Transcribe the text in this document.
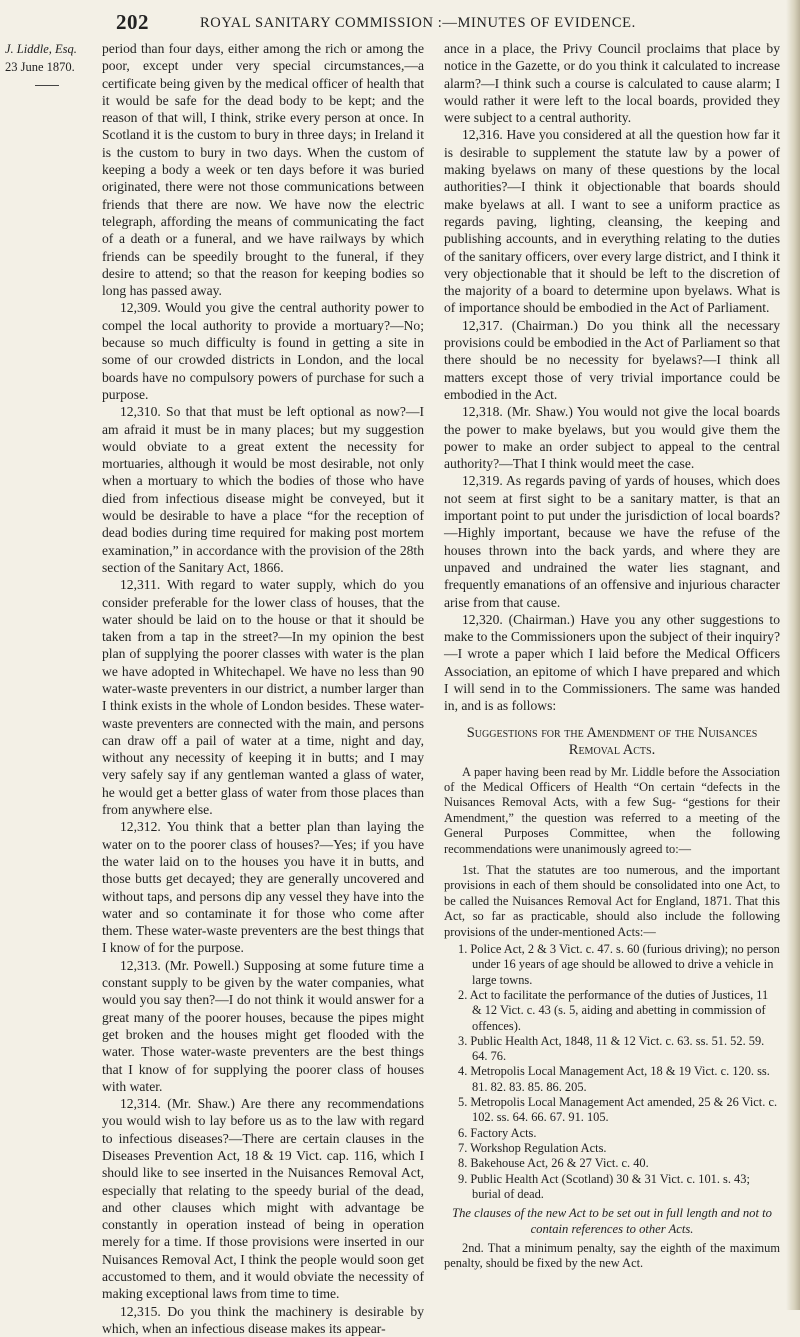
202	ROYAL SANITARY COMMISSION :—MINUTES OF EVIDENCE.
J. Liddle, Esq.
23 June 1870.

period than four days, either among the rich or among the poor, except under very special circumstances,—a certificate being given by the medical officer of health that it would be safe for the dead body to be kept; and the reason of that will, I think, strike every person at once. In Scotland it is the custom to bury in three days; in Ireland it is the custom to bury in two days. When the custom of keeping a body a week or ten days before it was buried originated, there were not those communications between friends that there are now. We have now the electric telegraph, affording the means of communicating the fact of a death or a funeral, and we have railways by which friends can be speedily brought to the funeral, if they desire to attend; so that the reason for keeping bodies so long has passed away.

12,309. Would you give the central authority power to compel the local authority to provide a mortuary?—No; because so much difficulty is found in getting a site in some of our crowded districts in London, and the local boards have no compulsory powers of purchase for such a purpose.

12,310. So that that must be left optional as now?—I am afraid it must be in many places; but my suggestion would obviate to a great extent the necessity for mortuaries, although it would be most desirable, not only when a mortuary to which the bodies of those who have died from infectious disease might be conveyed, but it would be desirable to have a place “for the reception of dead bodies during time required for making post mortem examination,” in accordance with the provision of the 28th section of the Sanitary Act, 1866.

12,311. With regard to water supply, which do you consider preferable for the lower class of houses, that the water should be laid on to the house or that it should be taken from a tap in the street?—In my opinion the best plan of supplying the poorer classes with water is the plan we have adopted in Whitechapel. We have no less than 90 water-waste preventers in our district, a number larger than I think exists in the whole of London besides. These water-waste preventers are connected with the main, and persons can draw off a pail of water at a time, night and day, without any necessity of keeping it in butts; and I may very safely say if any gentleman wanted a glass of water, he would get a better glass of water from those places than from anywhere else.

12,312. You think that a better plan than laying the water on to the poorer class of houses?—Yes; if you have the water laid on to the houses you have it in butts, and those butts get decayed; they are generally uncovered and without taps, and persons dip any vessel they have into the water and so contaminate it for those who come after them. These water-waste preventers are the best things that I know of for the purpose.

12,313. (Mr. Powell.) Supposing at some future time a constant supply to be given by the water companies, what would you say then?—I do not think it would answer for a great many of the poorer houses, because the pipes might get broken and the houses might get flooded with the water. Those water-waste preventers are the best things that I know of for supplying the poorer class of houses with water.

12,314. (Mr. Shaw.) Are there any recommendations you would wish to lay before us as to the law with regard to infectious diseases?—There are certain clauses in the Diseases Prevention Act, 18 & 19 Vict. cap. 116, which I should like to see inserted in the Nuisances Removal Act, especially that relating to the speedy burial of the dead, and other clauses which might with advantage be constantly in operation instead of being in operation merely for a time. If those provisions were inserted in our Nuisances Removal Act, I think the people would soon get accustomed to them, and it would obviate the necessity of making exceptional laws from time to time.

12,315. Do you think the machinery is desirable by which, when an infectious disease makes its appear-

ance in a place, the Privy Council proclaims that place by notice in the Gazette, or do you think it calculated to increase alarm?—I think such a course is calculated to cause alarm; I would rather it were left to the local boards, provided they were subject to a central authority.

12,316. Have you considered at all the question how far it is desirable to supplement the statute law by a power of making byelaws on many of these questions by the local authorities?—I think it objectionable that boards should make byelaws at all. I want to see a uniform practice as regards paving, lighting, cleansing, the keeping and publishing accounts, and in everything relating to the duties of the sanitary officers, over every large district, and I think it very objectionable that it should be left to the discretion of the majority of a board to determine upon byelaws. What is of importance should be embodied in the Act of Parliament.

12,317. (Chairman.) Do you think all the necessary provisions could be embodied in the Act of Parliament so that there should be no necessity for byelaws?—I think all matters except those of very trivial importance could be embodied in the Act.

12,318. (Mr. Shaw.) You would not give the local boards the power to make byelaws, but you would give them the power to make an order subject to appeal to the central authority?—That I think would meet the case.

12,319. As regards paving of yards of houses, which does not seem at first sight to be a sanitary matter, is that an important point to put under the jurisdiction of local boards?—Highly important, because we have the refuse of the houses thrown into the back yards, and where they are unpaved and undrained the water lies stagnant, and frequently emanations of an offensive and injurious character arise from that cause.

12,320. (Chairman.) Have you any other suggestions to make to the Commissioners upon the subject of their inquiry?—I wrote a paper which I laid before the Medical Officers Association, an epitome of which I have prepared and which I will send in to the Commissioners. The same was handed in, and is as follows:

Suggestions for the Amendment of the Nuisances
Removal Acts.

A paper having been read by Mr. Liddle before the Association of the Medical Officers of Health “On certain “defects in the Nuisances Removal Acts, with a few Sug- “gestions for their Amendment,” the question was referred to a meeting of the General Purposes Committee, when the following recommendations were unanimously agreed to:—

1st. That the statutes are too numerous, and the important provisions in each of them should be consolidated into one Act, to be called the Nuisances Removal Act for England, 1871. That this Act, so far as practicable, should also include the following provisions of the under-mentioned Acts:—

1. Police Act, 2 & 3 Vict. c. 47. s. 60 (furious driving); no person under 16 years of age should be allowed to drive a vehicle in large towns.
2. Act to facilitate the performance of the duties of Justices, 11 & 12 Vict. c. 43 (s. 5, aiding and abetting in commission of offences).
3. Public Health Act, 1848, 11 & 12 Vict. c. 63. ss. 51. 52. 59. 64. 76.
4. Metropolis Local Management Act, 18 & 19 Vict. c. 120. ss. 81. 82. 83. 85. 86. 205.
5. Metropolis Local Management Act amended, 25 & 26 Vict. c. 102. ss. 64. 66. 67. 91. 105.
6. Factory Acts.
7. Workshop Regulation Acts.
8. Bakehouse Act, 26 & 27 Vict. c. 40.
9. Public Health Act (Scotland) 30 & 31 Vict. c. 101. s. 43; burial of dead.

The clauses of the new Act to be set out in full length and not to contain references to other Acts.

2nd. That a minimum penalty, say the eighth of the maximum penalty, should be fixed by the new Act.
